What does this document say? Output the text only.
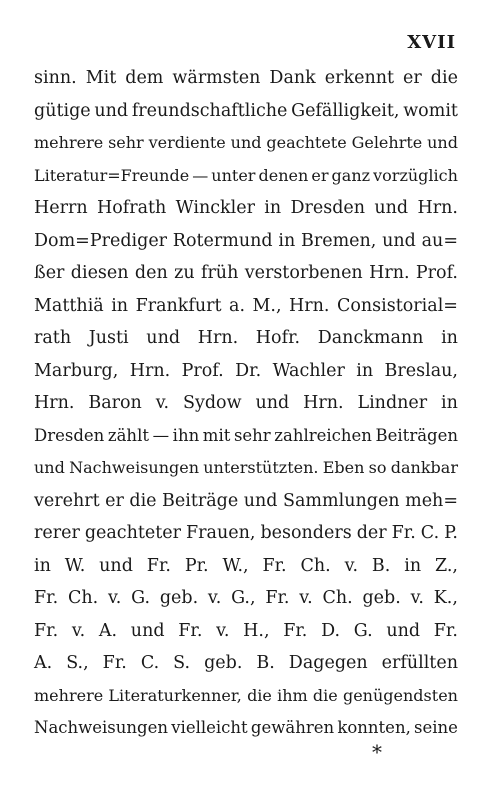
XVII
sinn. Mit dem wärmsten Dank erkennt er die
gütige und freundschaftliche Gefälligkeit, womit
mehrere sehr verdiente und geachtete Gelehrte und
Literatur=Freunde — unter denen er ganz vorzüglich
Herrn Hofrath Winckler in Dresden und Hrn.
Dom=Prediger Rotermund in Bremen, und au=
ßer diesen den zu früh verstorbenen Hrn. Prof.
Matthiä in Frankfurt a. M., Hrn. Consistorial=
rath Justi und Hrn. Hofr. Danckmann in
Marburg, Hrn. Prof. Dr. Wachler in Breslau,
Hrn. Baron v. Sydow und Hrn. Lindner in
Dresden zählt — ihn mit sehr zahlreichen Beiträgen
und Nachweisungen unterstützten. Eben so dankbar
verehrt er die Beiträge und Sammlungen meh=
rerer geachteter Frauen, besonders der Fr. C. P.
in W. und Fr. Pr. W., Fr. Ch. v. B. in Z.,
Fr. Ch. v. G. geb. v. G., Fr. v. Ch. geb. v. K.,
Fr. v. A. und Fr. v. H., Fr. D. G. und Fr.
A. S., Fr. C. S. geb. B. Dagegen erfüllten
mehrere Literaturkenner, die ihm die genügendsten
Nachweisungen vielleicht gewähren konnten, seine
*
